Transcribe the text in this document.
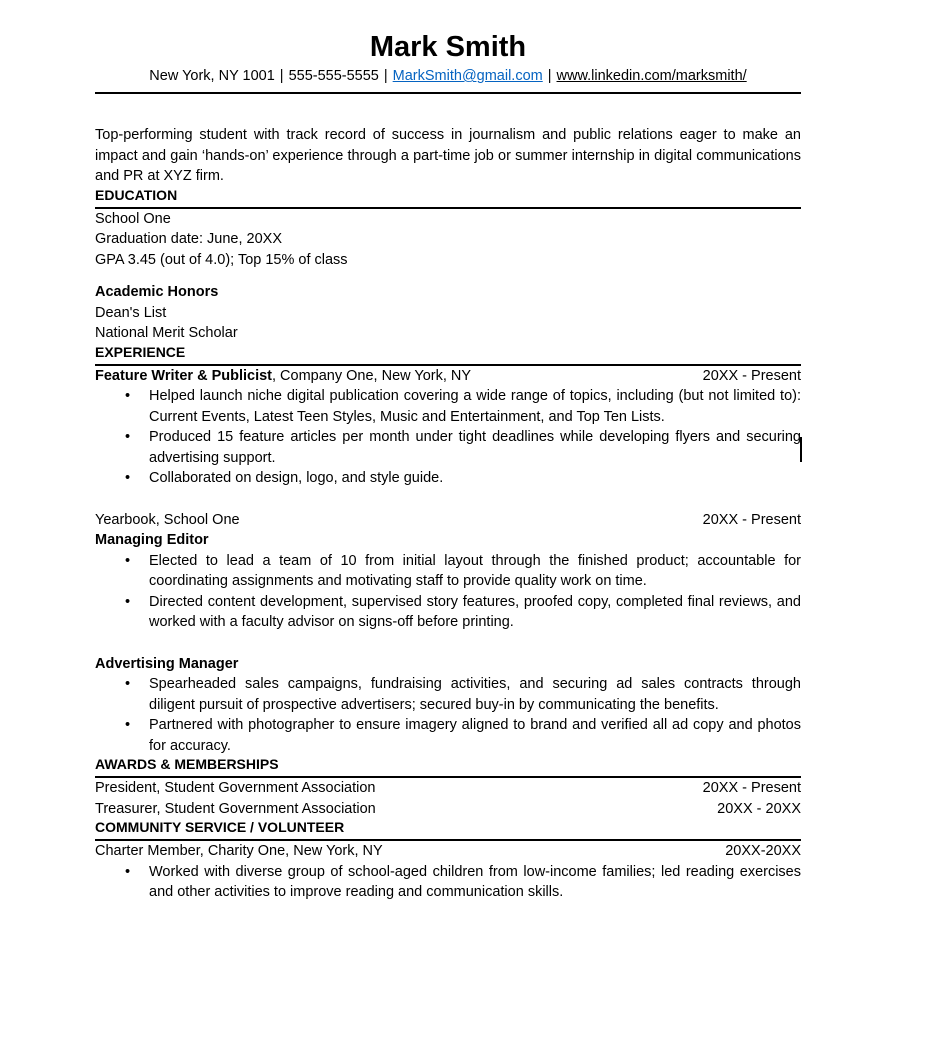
Mark Smith
New York, NY 1001 | 555-555-5555 | MarkSmith@gmail.com | www.linkedin.com/marksmith/

Top-performing student with track record of success in journalism and public relations eager to make an impact and gain ‘hands-on’ experience through a part-time job or summer internship in digital communications and PR at XYZ firm.

EDUCATION
School One
Graduation date: June, 20XX
GPA 3.45 (out of 4.0); Top 15% of class
Academic Honors
Dean's List
National Merit Scholar
EXPERIENCE
Feature Writer & Publicist, Company One, New York, NY	20XX - Present
•	Helped launch niche digital publication covering a wide range of topics, including (but not limited to): Current Events, Latest Teen Styles, Music and Entertainment, and Top Ten Lists.
•	Produced 15 feature articles per month under tight deadlines while developing flyers and securing advertising support.
•	Collaborated on design, logo, and style guide.
Yearbook, School One	20XX - Present
Managing Editor
•	Elected to lead a team of 10 from initial layout through the finished product; accountable for coordinating assignments and motivating staff to provide quality work on time.
•	Directed content development, supervised story features, proofed copy, completed final reviews, and worked with a faculty advisor on signs-off before printing.
Advertising Manager
•	Spearheaded sales campaigns, fundraising activities, and securing ad sales contracts through diligent pursuit of prospective advertisers; secured buy-in by communicating the benefits.
•	Partnered with photographer to ensure imagery aligned to brand and verified all ad copy and photos for accuracy.
AWARDS & MEMBERSHIPS
President, Student Government Association	20XX - Present
Treasurer, Student Government Association	20XX - 20XX
COMMUNITY SERVICE / VOLUNTEER
Charter Member, Charity One, New York, NY	20XX-20XX
•	Worked with diverse group of school-aged children from low-income families; led reading exercises and other activities to improve reading and communication skills.
